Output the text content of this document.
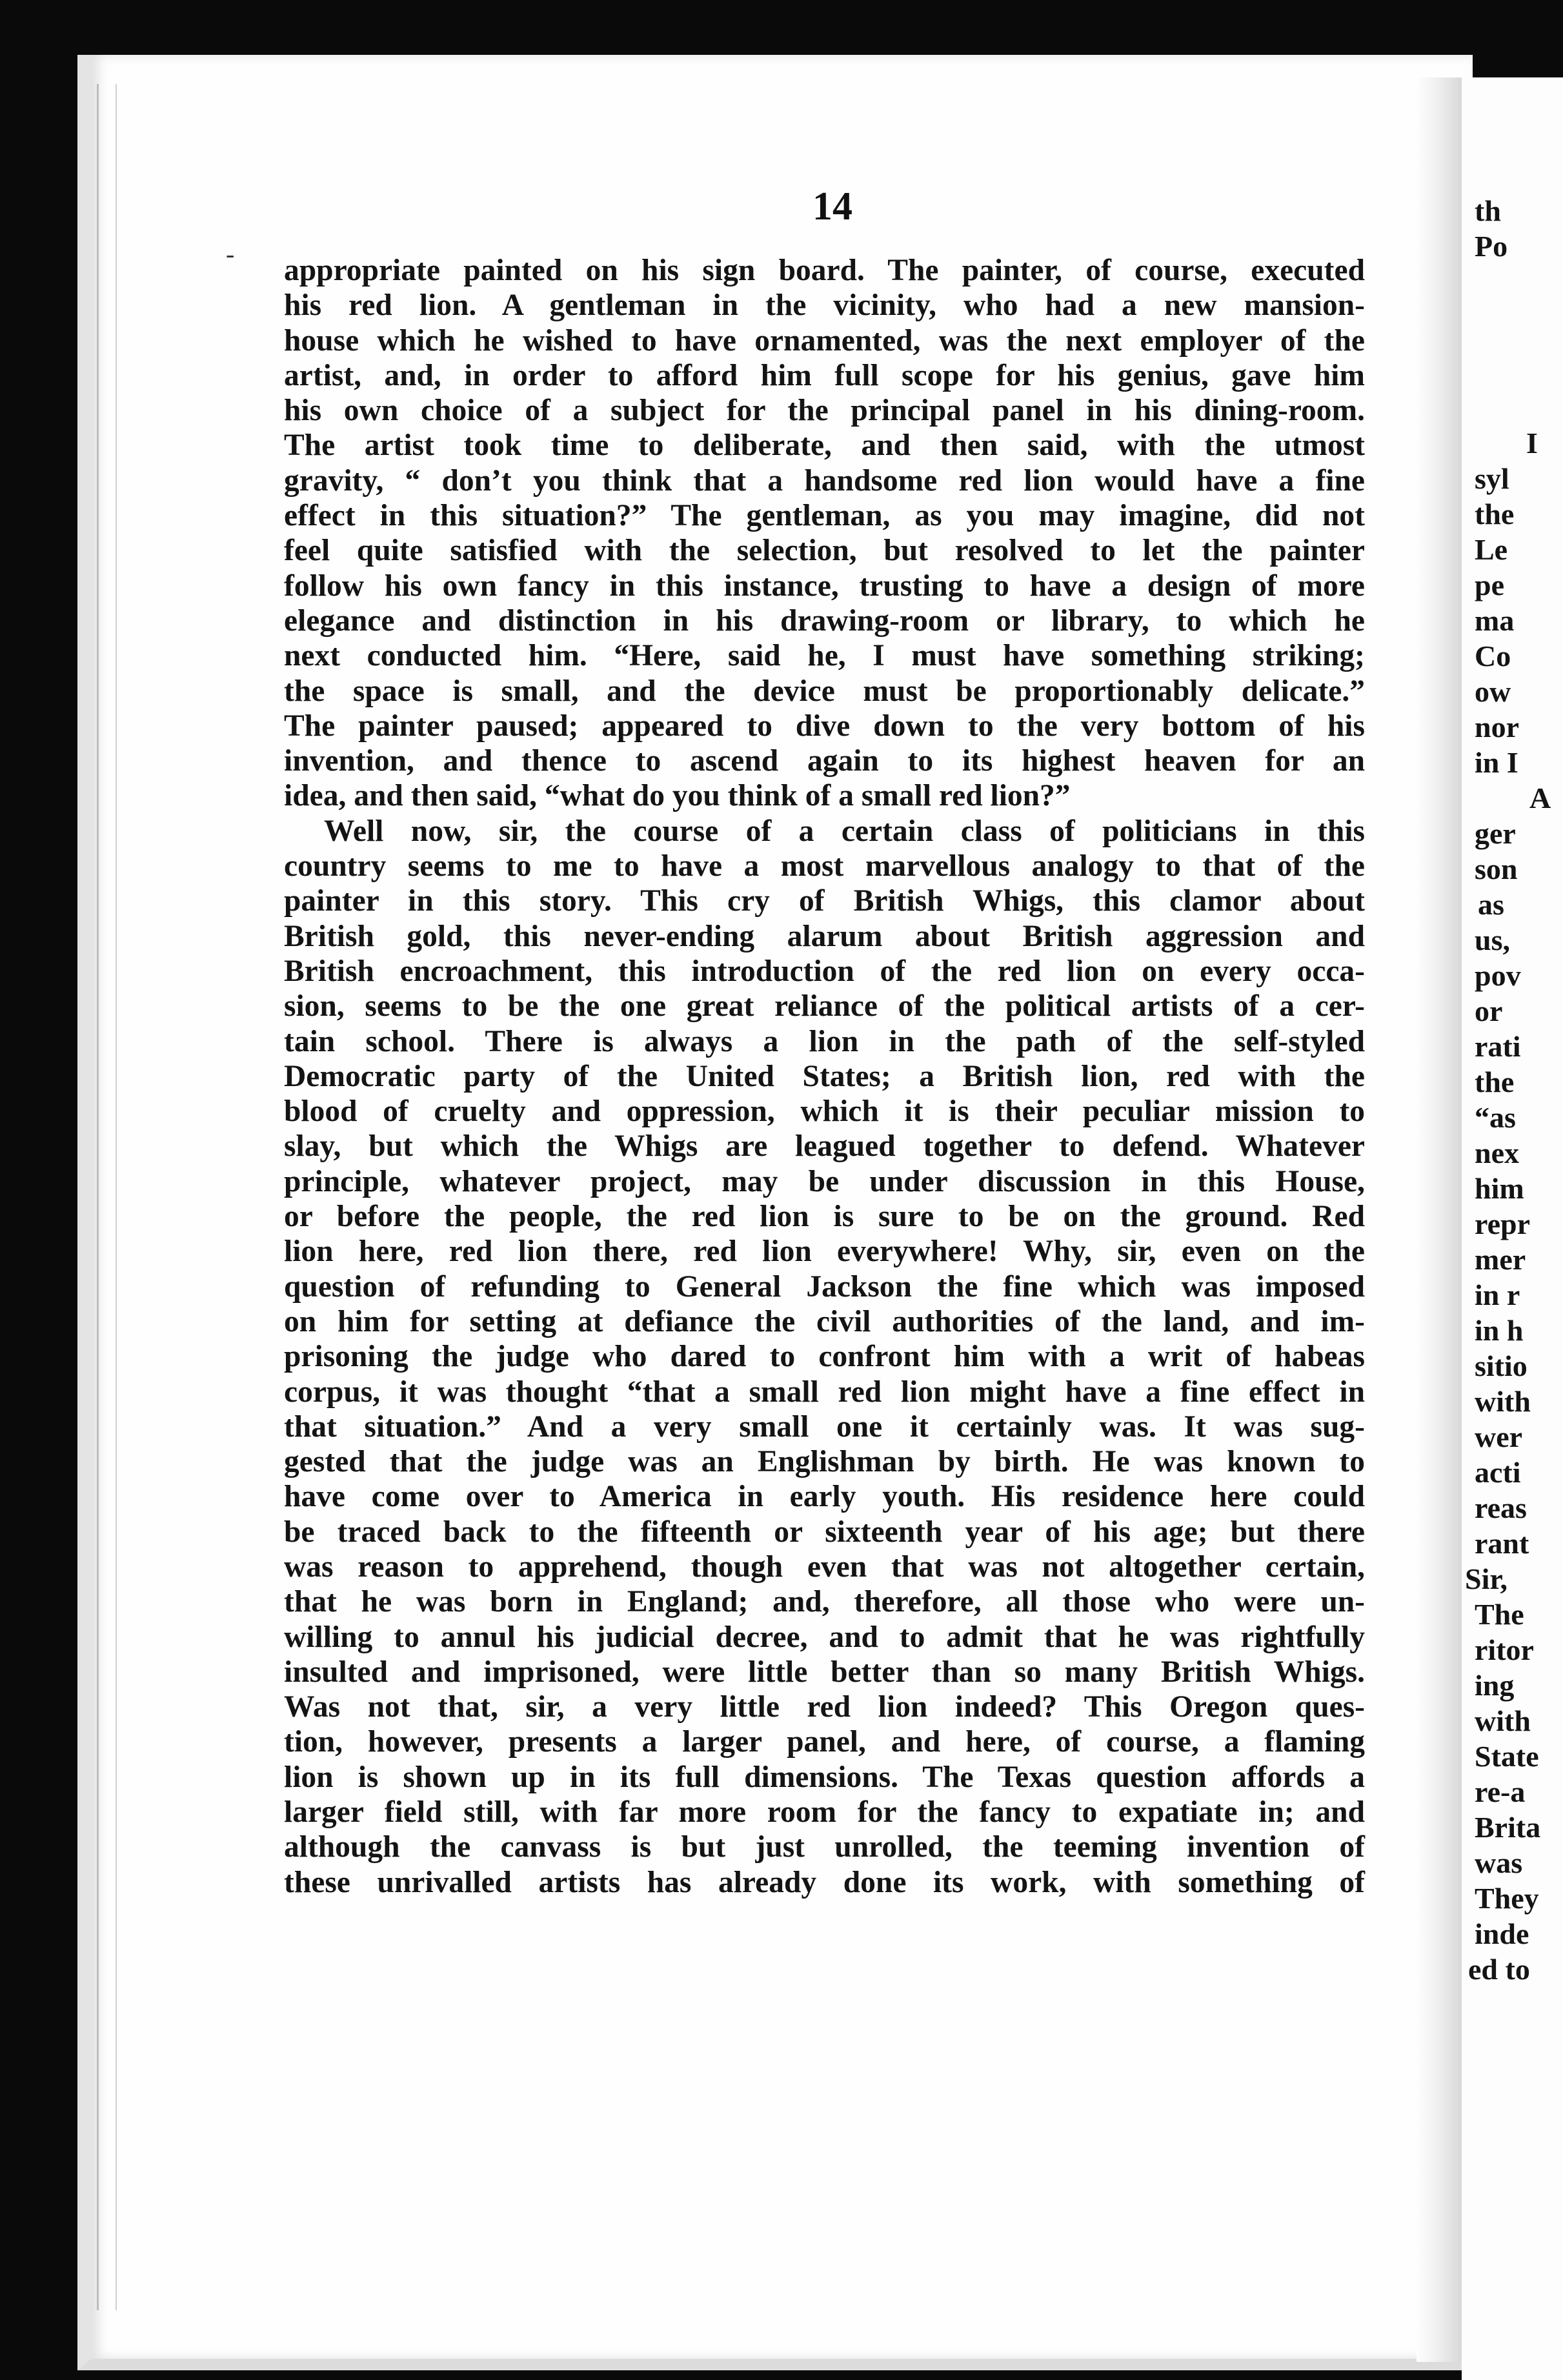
-
14
appropriate painted on his sign board. The painter, of course, executed
his red lion. A gentleman in the vicinity, who had a new mansion-
house which he wished to have ornamented, was the next employer of the
artist, and, in order to afford him full scope for his genius, gave him
his own choice of a subject for the principal panel in his dining-room.
The artist took time to deliberate, and then said, with the utmost
gravity, “ don’t you think that a handsome red lion would have a fine
effect in this situation?” The gentleman, as you may imagine, did not
feel quite satisfied with the selection, but resolved to let the painter
follow his own fancy in this instance, trusting to have a design of more
elegance and distinction in his drawing-room or library, to which he
next conducted him. “Here, said he, I must have something striking;
the space is small, and the device must be proportionably delicate.”
The painter paused; appeared to dive down to the very bottom of his
invention, and thence to ascend again to its highest heaven for an
idea, and then said, “what do you think of a small red lion?”
Well now, sir, the course of a certain class of politicians in this
country seems to me to have a most marvellous analogy to that of the
painter in this story. This cry of British Whigs, this clamor about
British gold, this never-ending alarum about British aggression and
British encroachment, this introduction of the red lion on every occa-
sion, seems to be the one great reliance of the political artists of a cer-
tain school. There is always a lion in the path of the self-styled
Democratic party of the United States; a British lion, red with the
blood of cruelty and oppression, which it is their peculiar mission to
slay, but which the Whigs are leagued together to defend. Whatever
principle, whatever project, may be under discussion in this House,
or before the people, the red lion is sure to be on the ground. Red
lion here, red lion there, red lion everywhere! Why, sir, even on the
question of refunding to General Jackson the fine which was imposed
on him for setting at defiance the civil authorities of the land, and im-
prisoning the judge who dared to confront him with a writ of habeas
corpus, it was thought “that a small red lion might have a fine effect in
that situation.” And a very small one it certainly was. It was sug-
gested that the judge was an Englishman by birth. He was known to
have come over to America in early youth. His residence here could
be traced back to the fifteenth or sixteenth year of his age; but there
was reason to apprehend, though even that was not altogether certain,
that he was born in England; and, therefore, all those who were un-
willing to annul his judicial decree, and to admit that he was rightfully
insulted and imprisoned, were little better than so many British Whigs.
Was not that, sir, a very little red lion indeed? This Oregon ques-
tion, however, presents a larger panel, and here, of course, a flaming
lion is shown up in its full dimensions. The Texas question affords a
larger field still, with far more room for the fancy to expatiate in; and
although the canvass is but just unrolled, the teeming invention of
these unrivalled artists has already done its work, with something of
th
Po
I
syl
the
Le
pe
ma
Co
ow
nor
in I
A
ger
son
as
us,
pov
or
rati
the
“as
nex
him
repr
mer
in r
in h
sitio
with
wer
acti
reas
rant
Sir,
The
ritor
ing
with
State
re-a
Brita
was
They
inde
ed to
